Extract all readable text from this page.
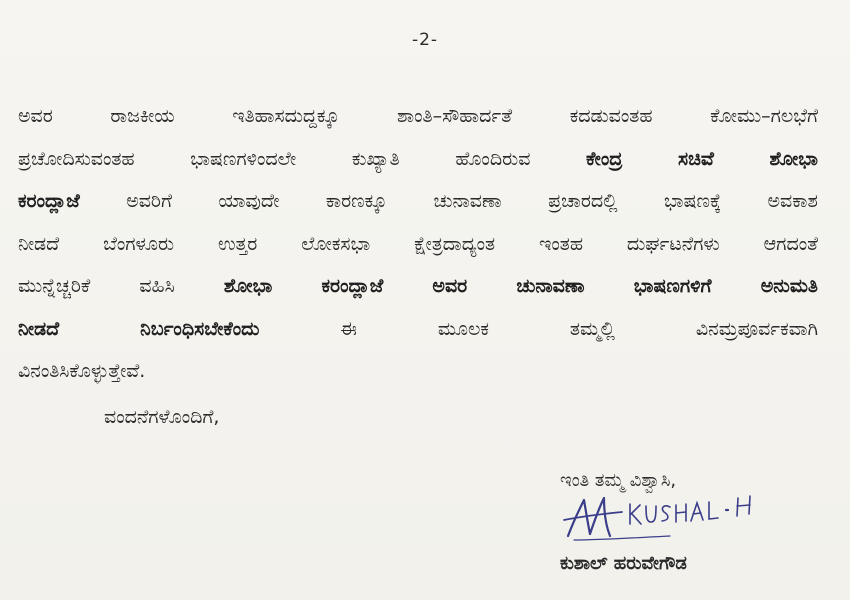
-2-
ಅವರ	ರಾಜಕೀಯ	ಇತಿಹಾಸದುದ್ದಕ್ಕೂ	ಶಾಂತಿ–ಸೌಹಾರ್ದತೆ	ಕದಡುವಂತಹ	ಕೋಮು–ಗಲಭೆಗೆ
ಪ್ರಚೋದಿಸುವಂತಹ	ಭಾಷಣಗಳಿಂದಲೇ	ಕುಖ್ಯಾತಿ	ಹೊಂದಿರುವ	ಕೇಂದ್ರ	ಸಚಿವೆ	ಶೋಭಾ
ಕರಂದ್ಲಾಜೆ ಅವರಿಗೆ ಯಾವುದೇ ಕಾರಣಕ್ಕೂ ಚುನಾವಣಾ ಪ್ರಚಾರದಲ್ಲಿ ಭಾಷಣಕ್ಕೆ ಅವಕಾಶ
ನೀಡದೆ ಬೆಂಗಳೂರು ಉತ್ತರ ಲೋಕಸಭಾ ಕ್ಷೇತ್ರದಾದ್ಯಂತ ಇಂತಹ ದುರ್ಘಟನೆಗಳು ಆಗದಂತೆ
ಮುನ್ನೆಚ್ಚರಿಕೆ	ವಹಿಸಿ	ಶೋಭಾ	ಕರಂದ್ಲಾಜೆ	ಅವರ	ಚುನಾವಣಾ	ಭಾಷಣಗಳಿಗೆ	ಅನುಮತಿ
ನೀಡದೆ	ನಿರ್ಬಂಧಿಸಬೇಕೆಂದು	ಈ	ಮೂಲಕ	ತಮ್ಮಲ್ಲಿ	ವಿನಮ್ರಪೂರ್ವಕವಾಗಿ
ವಿನಂತಿಸಿಕೊಳ್ಳುತ್ತೇವೆ.
ವಂದನೆಗಳೊಂದಿಗೆ,
ಇಂತಿ ತಮ್ಮ ವಿಶ್ವಾಸಿ,
ಕುಶಾಲ್ ಹರುವೇಗೌಡ
